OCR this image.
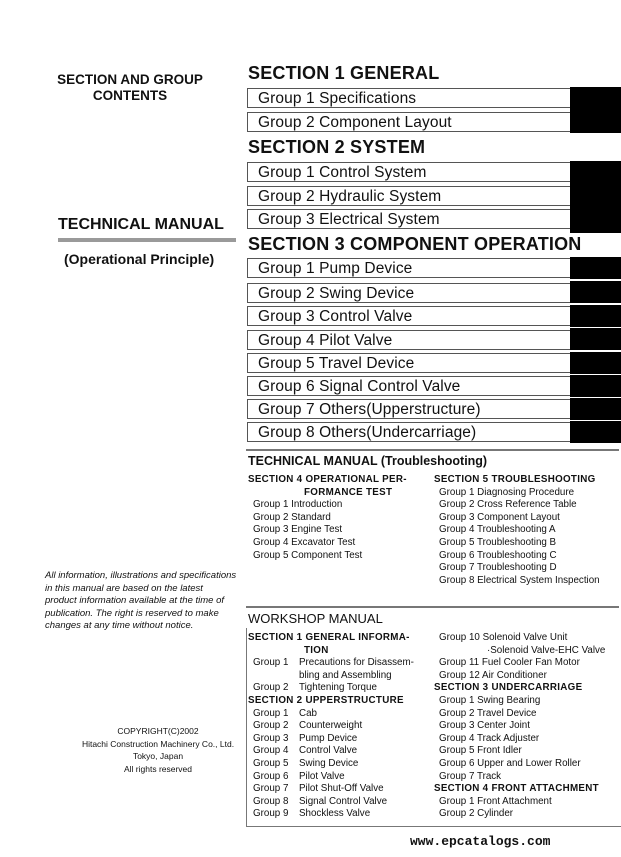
SECTION AND GROUP
CONTENTS
TECHNICAL MANUAL
(Operational Principle)
All information, illustrations and specifications in this manual are based on the latest product information available at the time of publication. The right is reserved to make changes at any time without notice.
COPYRIGHT(C)2002
Hitachi Construction Machinery Co., Ltd.
Tokyo, Japan
All rights reserved
SECTION 1 GENERAL
Group 1 Specifications
Group 2 Component Layout
SECTION 2 SYSTEM
Group 1 Control System
Group 2 Hydraulic System
Group 3 Electrical System
SECTION 3 COMPONENT OPERATION
Group 1 Pump Device
Group 2 Swing Device
Group 3 Control Valve
Group 4 Pilot Valve
Group 5 Travel Device
Group 6 Signal Control Valve
Group 7 Others(Upperstructure)
Group 8 Others(Undercarriage)
TECHNICAL MANUAL (Troubleshooting)
SECTION 4 OPERATIONAL PER-
FORMANCE TEST
Group 1 Introduction
Group 2 Standard
Group 3 Engine Test
Group 4 Excavator Test
Group 5 Component Test
SECTION 5 TROUBLESHOOTING
Group 1 Diagnosing Procedure
Group 2 Cross Reference Table
Group 3 Component Layout
Group 4 Troubleshooting A
Group 5 Troubleshooting B
Group 6 Troubleshooting C
Group 7 Troubleshooting D
Group 8 Electrical System Inspection
WORKSHOP MANUAL
SECTION 1 GENERAL INFORMA-
TION
Group 1 Precautions for Disassem-
bling and Assembling
Group 2 Tightening Torque
SECTION 2 UPPERSTRUCTURE
Group 1 Cab
Group 2 Counterweight
Group 3 Pump Device
Group 4 Control Valve
Group 5 Swing Device
Group 6 Pilot Valve
Group 7 Pilot Shut-Off Valve
Group 8 Signal Control Valve
Group 9 Shockless Valve
Group 10 Solenoid Valve Unit
·Solenoid Valve-EHC Valve
Group 11 Fuel Cooler Fan Motor
Group 12 Air Conditioner
SECTION 3 UNDERCARRIAGE
Group 1 Swing Bearing
Group 2 Travel Device
Group 3 Center Joint
Group 4 Track Adjuster
Group 5 Front Idler
Group 6 Upper and Lower Roller
Group 7 Track
SECTION 4 FRONT ATTACHMENT
Group 1 Front Attachment
Group 2 Cylinder
www.epcatalogs.com
